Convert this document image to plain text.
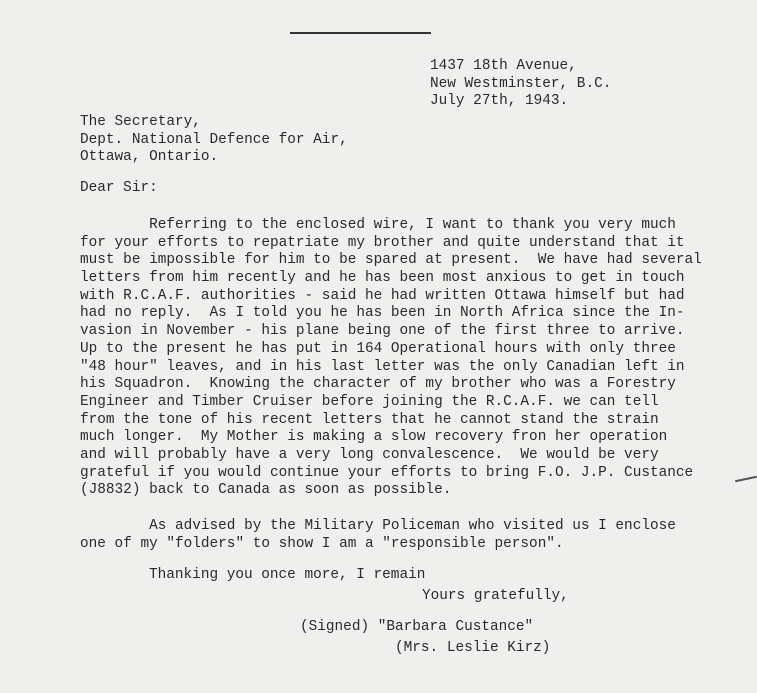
1437 18th Avenue,
New Westminster, B.C.
July 27th, 1943.
The Secretary,
Dept. National Defence for Air,
Ottawa, Ontario.
Dear Sir:
Referring to the enclosed wire, I want to thank you very much
for your efforts to repatriate my brother and quite understand that it
must be impossible for him to be spared at present.  We have had several
letters from him recently and he has been most anxious to get in touch
with R.C.A.F. authorities - said he had written Ottawa himself but had
had no reply.  As I told you he has been in North Africa since the In-
vasion in November - his plane being one of the first three to arrive.
Up to the present he has put in 164 Operational hours with only three
"48 hour" leaves, and in his last letter was the only Canadian left in
his Squadron.  Knowing the character of my brother who was a Forestry
Engineer and Timber Cruiser before joining the R.C.A.F. we can tell
from the tone of his recent letters that he cannot stand the strain
much longer.  My Mother is making a slow recovery fron her operation
and will probably have a very long convalescence.  We would be very
grateful if you would continue your efforts to bring F.O. J.P. Custance
(J8832) back to Canada as soon as possible.
As advised by the Military Policeman who visited us I enclose
one of my "folders" to show I am a "responsible person".
Thanking you once more, I remain
Yours gratefully,
(Signed) "Barbara Custance"
(Mrs. Leslie Kirz)
